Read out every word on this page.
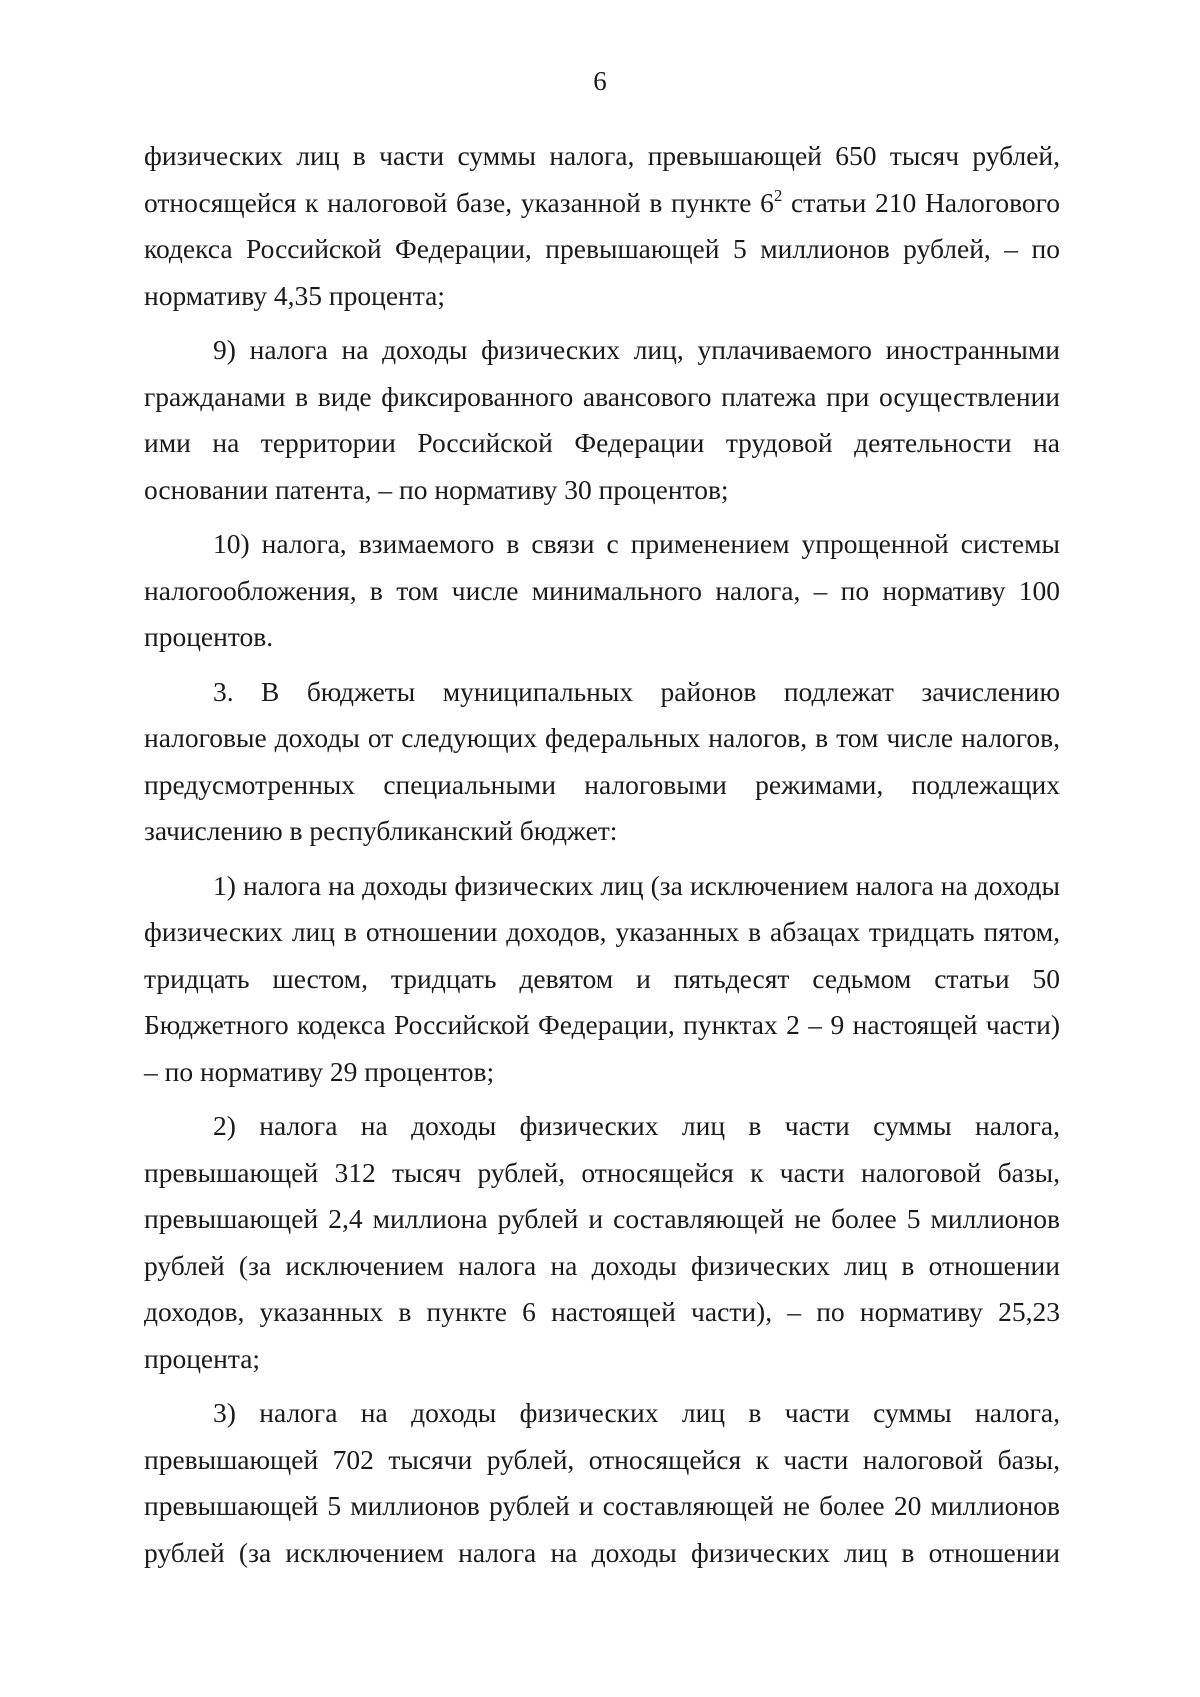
6

физических лиц в части суммы налога, превышающей 650 тысяч рублей, относящейся к налоговой базе, указанной в пункте $6^2$ статьи 210 Налогового кодекса Российской Федерации, превышающей 5 миллионов рублей, – по нормативу 4,35 процента;

9) налога на доходы физических лиц, уплачиваемого иностранными гражданами в виде фиксированного авансового платежа при осуществлении ими на территории Российской Федерации трудовой деятельности на основании патента, – по нормативу 30 процентов;

10) налога, взимаемого в связи с применением упрощенной системы налогообложения, в том числе минимального налога, – по нормативу 100 процентов.

3. В бюджеты муниципальных районов подлежат зачислению налоговые доходы от следующих федеральных налогов, в том числе налогов, предусмотренных специальными налоговыми режимами, подлежащих зачислению в республиканский бюджет:

1) налога на доходы физических лиц (за исключением налога на доходы физических лиц в отношении доходов, указанных в абзацах тридцать пятом, тридцать шестом, тридцать девятом и пятьдесят седьмом статьи 50 Бюджетного кодекса Российской Федерации, пунктах 2 – 9 настоящей части) – по нормативу 29 процентов;

2) налога на доходы физических лиц в части суммы налога, превышающей 312 тысяч рублей, относящейся к части налоговой базы, превышающей 2,4 миллиона рублей и составляющей не более 5 миллионов рублей (за исключением налога на доходы физических лиц в отношении доходов, указанных в пункте 6 настоящей части), – по нормативу 25,23 процента;

3) налога на доходы физических лиц в части суммы налога, превышающей 702 тысячи рублей, относящейся к части налоговой базы, превышающей 5 миллионов рублей и составляющей не более 20 миллионов рублей (за исключением налога на доходы физических лиц в отношении
